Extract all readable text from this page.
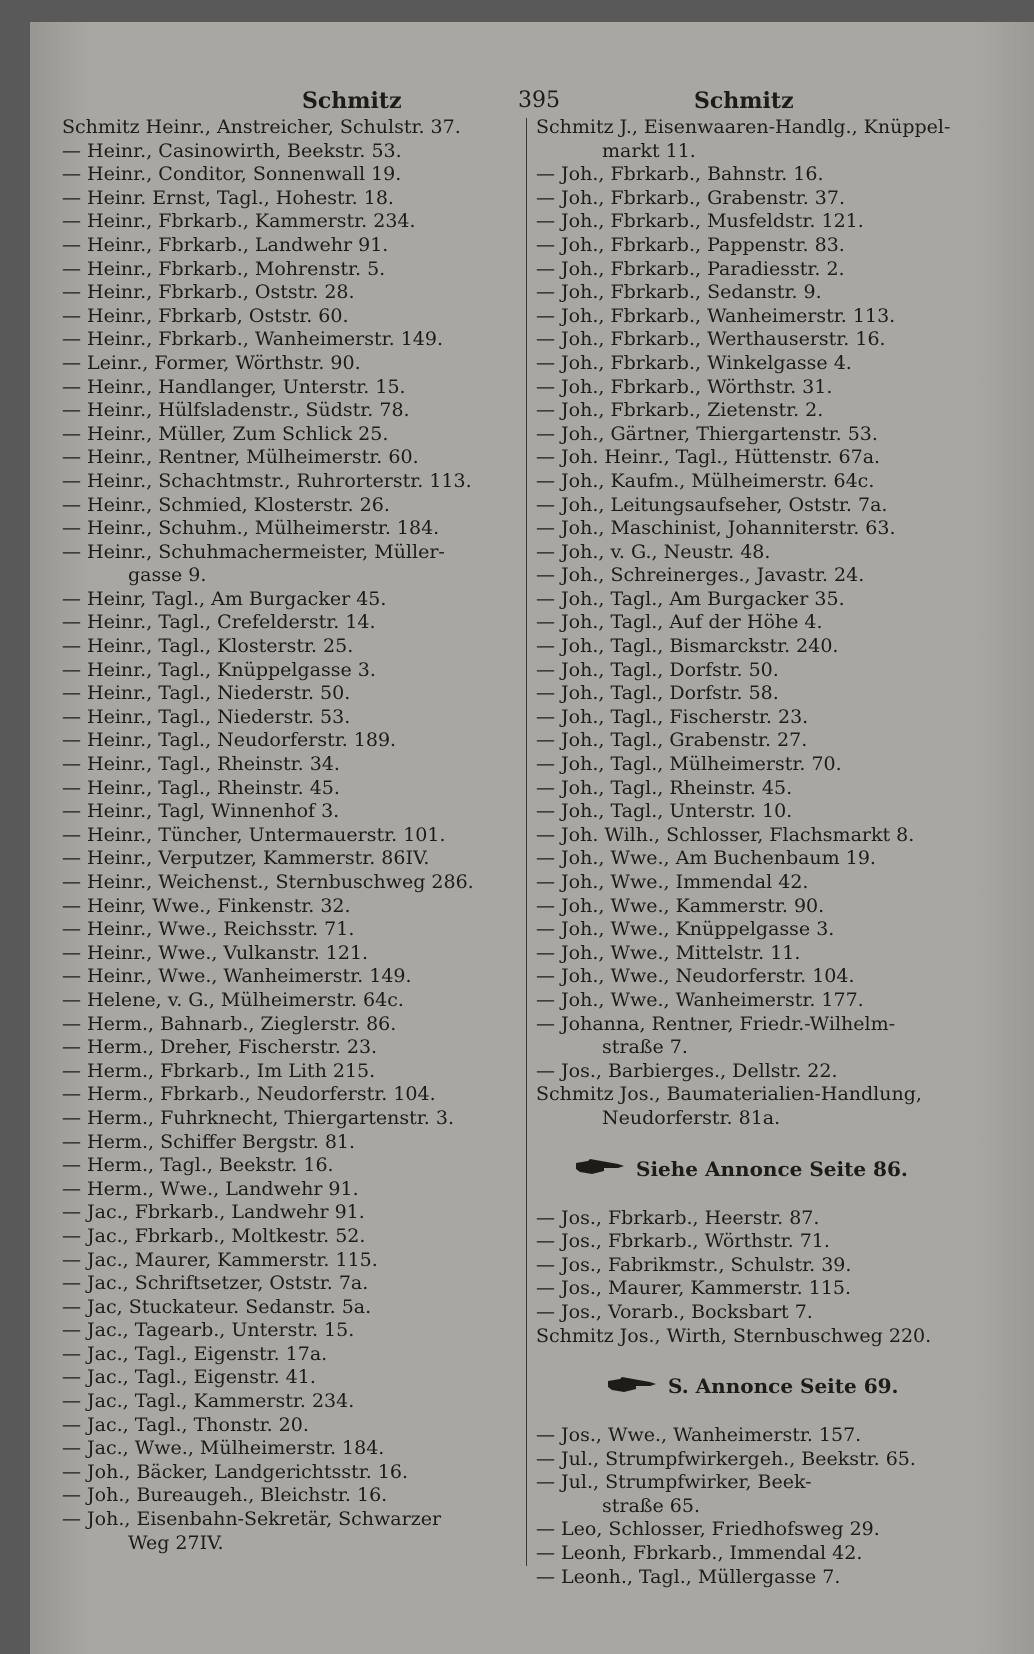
Schmitz	395	Schmitz
Schmitz Heinr., Anstreicher, Schulstr. 37.
— Heinr., Casinowirth, Beekstr. 53.
— Heinr., Conditor, Sonnenwall 19.
— Heinr. Ernst, Tagl., Hohestr. 18.
— Heinr., Fbrkarb., Kammerstr. 234.
— Heinr., Fbrkarb., Landwehr 91.
— Heinr., Fbrkarb., Mohrenstr. 5.
— Heinr., Fbrkarb., Oststr. 28.
— Heinr., Fbrkarb, Oststr. 60.
— Heinr., Fbrkarb., Wanheimerstr. 149.
— Leinr., Former, Wörthstr. 90.
— Heinr., Handlanger, Unterstr. 15.
— Heinr., Hülfsladenstr., Südstr. 78.
— Heinr., Müller, Zum Schlick 25.
— Heinr., Rentner, Mülheimerstr. 60.
— Heinr., Schachtmstr., Ruhrorterstr. 113.
— Heinr., Schmied, Klosterstr. 26.
— Heinr., Schuhm., Mülheimerstr. 184.
— Heinr., Schuhmachermeister, Müller-
gasse 9.
— Heinr, Tagl., Am Burgacker 45.
— Heinr., Tagl., Crefelderstr. 14.
— Heinr., Tagl., Klosterstr. 25.
— Heinr., Tagl., Knüppelgasse 3.
— Heinr., Tagl., Niederstr. 50.
— Heinr., Tagl., Niederstr. 53.
— Heinr., Tagl., Neudorferstr. 189.
— Heinr., Tagl., Rheinstr. 34.
— Heinr., Tagl., Rheinstr. 45.
— Heinr., Tagl, Winnenhof 3.
— Heinr., Tüncher, Untermauerstr. 101.
— Heinr., Verputzer, Kammerstr. 86IV.
— Heinr., Weichenst., Sternbuschweg 286.
— Heinr, Wwe., Finkenstr. 32.
— Heinr., Wwe., Reichsstr. 71.
— Heinr., Wwe., Vulkanstr. 121.
— Heinr., Wwe., Wanheimerstr. 149.
— Helene, v. G., Mülheimerstr. 64c.
— Herm., Bahnarb., Zieglerstr. 86.
— Herm., Dreher, Fischerstr. 23.
— Herm., Fbrkarb., Im Lith 215.
— Herm., Fbrkarb., Neudorferstr. 104.
— Herm., Fuhrknecht, Thiergartenstr. 3.
— Herm., Schiffer Bergstr. 81.
— Herm., Tagl., Beekstr. 16.
— Herm., Wwe., Landwehr 91.
— Jac., Fbrkarb., Landwehr 91.
— Jac., Fbrkarb., Moltkestr. 52.
— Jac., Maurer, Kammerstr. 115.
— Jac., Schriftsetzer, Oststr. 7a.
— Jac, Stuckateur. Sedanstr. 5a.
— Jac., Tagearb., Unterstr. 15.
— Jac., Tagl., Eigenstr. 17a.
— Jac., Tagl., Eigenstr. 41.
— Jac., Tagl., Kammerstr. 234.
— Jac., Tagl., Thonstr. 20.
— Jac., Wwe., Mülheimerstr. 184.
— Joh., Bäcker, Landgerichtsstr. 16.
— Joh., Bureaugeh., Bleichstr. 16.
— Joh., Eisenbahn-Sekretär, Schwarzer
Weg 27IV.
Schmitz J., Eisenwaaren-Handlg., Knüppel-
markt 11.
— Joh., Fbrkarb., Bahnstr. 16.
— Joh., Fbrkarb., Grabenstr. 37.
— Joh., Fbrkarb., Musfeldstr. 121.
— Joh., Fbrkarb., Pappenstr. 83.
— Joh., Fbrkarb., Paradiesstr. 2.
— Joh., Fbrkarb., Sedanstr. 9.
— Joh., Fbrkarb., Wanheimerstr. 113.
— Joh., Fbrkarb., Werthauserstr. 16.
— Joh., Fbrkarb., Winkelgasse 4.
— Joh., Fbrkarb., Wörthstr. 31.
— Joh., Fbrkarb., Zietenstr. 2.
— Joh., Gärtner, Thiergartenstr. 53.
— Joh. Heinr., Tagl., Hüttenstr. 67a.
— Joh., Kaufm., Mülheimerstr. 64c.
— Joh., Leitungsaufseher, Oststr. 7a.
— Joh., Maschinist, Johanniterstr. 63.
— Joh., v. G., Neustr. 48.
— Joh., Schreinerges., Javastr. 24.
— Joh., Tagl., Am Burgacker 35.
— Joh., Tagl., Auf der Höhe 4.
— Joh., Tagl., Bismarckstr. 240.
— Joh., Tagl., Dorfstr. 50.
— Joh., Tagl., Dorfstr. 58.
— Joh., Tagl., Fischerstr. 23.
— Joh., Tagl., Grabenstr. 27.
— Joh., Tagl., Mülheimerstr. 70.
— Joh., Tagl., Rheinstr. 45.
— Joh., Tagl., Unterstr. 10.
— Joh. Wilh., Schlosser, Flachsmarkt 8.
— Joh., Wwe., Am Buchenbaum 19.
— Joh., Wwe., Immendal 42.
— Joh., Wwe., Kammerstr. 90.
— Joh., Wwe., Knüppelgasse 3.
— Joh., Wwe., Mittelstr. 11.
— Joh., Wwe., Neudorferstr. 104.
— Joh., Wwe., Wanheimerstr. 177.
— Johanna, Rentner, Friedr.-Wilhelm-
straße 7.
— Jos., Barbierges., Dellstr. 22.
Schmitz Jos., Baumaterialien-Handlung,
Neudorferstr. 81a.
Siehe Annonce Seite 86.
— Jos., Fbrkarb., Heerstr. 87.
— Jos., Fbrkarb., Wörthstr. 71.
— Jos., Fabrikmstr., Schulstr. 39.
— Jos., Maurer, Kammerstr. 115.
— Jos., Vorarb., Bocksbart 7.
Schmitz Jos., Wirth, Sternbuschweg 220.
S. Annonce Seite 69.
— Jos., Wwe., Wanheimerstr. 157.
— Jul., Strumpfwirkergeh., Beekstr. 65.
— Jul., Strumpfwirker, Beek-
straße 65.
— Leo, Schlosser, Friedhofsweg 29.
— Leonh, Fbrkarb., Immendal 42.
— Leonh., Tagl., Müllergasse 7.
